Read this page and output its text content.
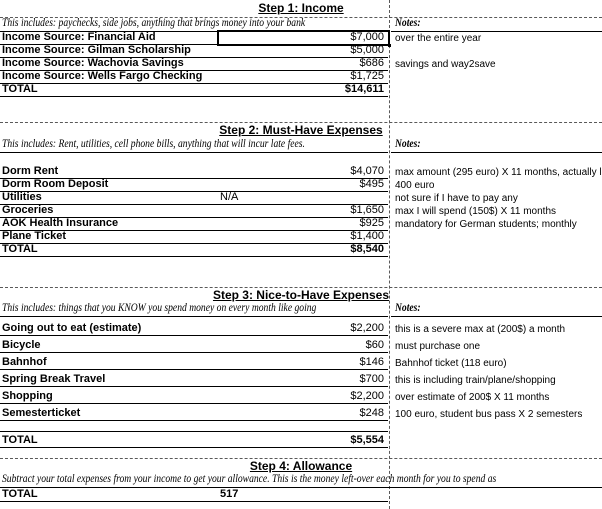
Step 1: Income
This includes: paychecks, side jobs, anything that brings money into your bank	Notes:
Income Source: Financial Aid	$7,000	over the entire year
Income Source: Gilman Scholarship	$5,000
Income Source: Wachovia Savings	$686	savings and way2save
Income Source: Wells Fargo Checking	$1,725
TOTAL	$14,611
Step 2: Must-Have Expenses
This includes: Rent, utilities, cell phone bills, anything that will incur late fees.	Notes:
Dorm Rent	$4,070	max amount (295 euro) X 11 months, actually l
Dorm Room Deposit	$495	400 euro
Utilities	N/A	not sure if I have to pay any
Groceries	$1,650	max I will spend (150$) X 11 months
AOK Health Insurance	$925	mandatory for German students; monthly
Plane Ticket	$1,400
TOTAL	$8,540
Step 3: Nice-to-Have Expenses
This includes: things that you KNOW you spend money on every month like going	Notes:
Going out to eat (estimate)	$2,200	this is a severe max at (200$) a month
Bicycle	$60	must purchase one
Bahnhof	$146	Bahnhof ticket (118 euro)
Spring Break Travel	$700	this is including train/plane/shopping
Shopping	$2,200	over estimate of 200$ X 11 months
Semesterticket	$248	100 euro, student bus pass X 2 semesters
TOTAL	$5,554
Step 4: Allowance
Subtract your total expenses from your income to get your allowance. This is the money left-over each month for you to spend as
TOTAL	517
